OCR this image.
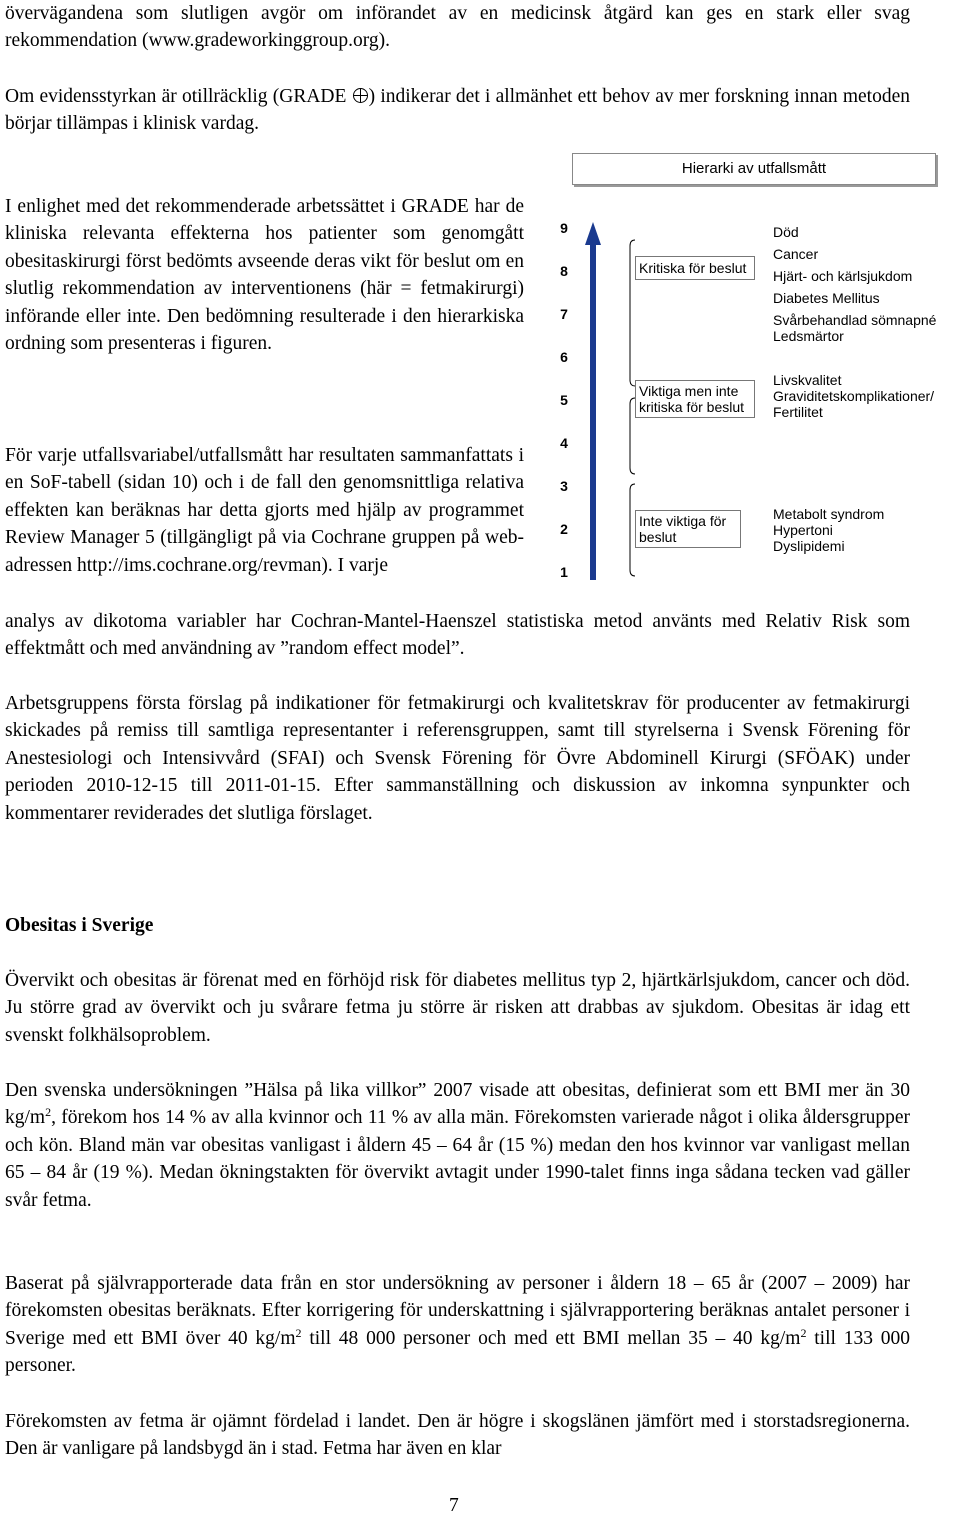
övervägandena som slutligen avgör om införandet av en medicinsk åtgärd kan ges en stark eller svag rekommendation (www.gradeworkinggroup.org).

Om evidensstyrkan är otillräcklig (GRADE ) indikerar det i allmänhet ett behov av mer forskning innan metoden börjar tillämpas i klinisk vardag.

I enlighet med det rekommenderade arbetssättet i GRADE har de kliniska relevanta effekterna hos patienter som genomgått obesitaskirurgi först bedömts avseende deras vikt för beslut om en slutlig rekommendation av interventionens (här = fetmakirurgi) införande eller inte. Den bedömning resulterade i den hierarkiska ordning som presenteras i figuren.

För varje utfallsvariabel/utfallsmått har resultaten sammanfattats i en SoF-tabell (sidan 10) och i de fall den genomsnittliga relativa effekten kan beräknas har detta gjorts med hjälp av programmet Review Manager 5 (tillgängligt på via Cochrane gruppen på web-adressen http://ims.cochrane.org/revman). I varje

analys av dikotoma variabler har Cochran-Mantel-Haenszel statistiska metod använts med Relativ Risk som effektmått och med användning av ”random effect model”.

Arbetsgruppens första förslag på indikationer för fetmakirurgi och kvalitetskrav för producenter av fetmakirurgi skickades på remiss till samtliga representanter i referensgruppen, samt till styrelserna i Svensk Förening för Anestesiologi och Intensivvård (SFAI) och Svensk Förening för Övre Abdominell Kirurgi (SFÖAK) under perioden 2010-12-15 till 2011-01-15. Efter sammanställning och diskussion av inkomna synpunkter och kommentarer reviderades det slutliga förslaget.

Obesitas i Sverige

Övervikt och obesitas är förenat med en förhöjd risk för diabetes mellitus typ 2, hjärtkärlsjukdom, cancer och död. Ju större grad av övervikt och ju svårare fetma ju större är risken att drabbas av sjukdom. Obesitas är idag ett svenskt folkhälsoproblem.

Den svenska undersökningen ”Hälsa på lika villkor” 2007 visade att obesitas, definierat som ett BMI mer än 30 $kg/m^2$, förekom hos 14 % av alla kvinnor och 11 % av alla män. Förekomsten varierade något i olika åldersgrupper och kön. Bland män var obesitas vanligast i åldern 45 – 64 år (15 %) medan den hos kvinnor var vanligast mellan 65 – 84 år (19 %). Medan ökningstakten för övervikt avtagit under 1990-talet finns inga sådana tecken vad gäller svår fetma.

Baserat på självrapporterade data från en stor undersökning av personer i åldern 18 – 65 år (2007 – 2009) har förekomsten obesitas beräknats. Efter korrigering för underskattning i självrapportering beräknas antalet personer i Sverige med ett BMI över 40 $kg/m^2$ till 48 000 personer och med ett BMI mellan 35 – 40 $kg/m^2$ till 133 000 personer.

Förekomsten av fetma är ojämnt fördelad i landet. Den är högre i skogslänen jämfört med i storstadsregionerna. Den är vanligare på landsbygd än i stad. Fetma har även en klar

7
Hierarki av utfallsmått
9
8
7
6
5
4
3
2
1
Kritiska för beslut
Viktiga men inte kritiska för beslut
Inte viktiga för beslut
Död
Cancer
Hjärt- och kärlsjukdom
Diabetes Mellitus
Svårbehandlad sömnapné
Ledsmärtor
Livskvalitet
Graviditetskomplikationer/ Fertilitet
Metabolt syndrom
Hypertoni
Dyslipidemi
